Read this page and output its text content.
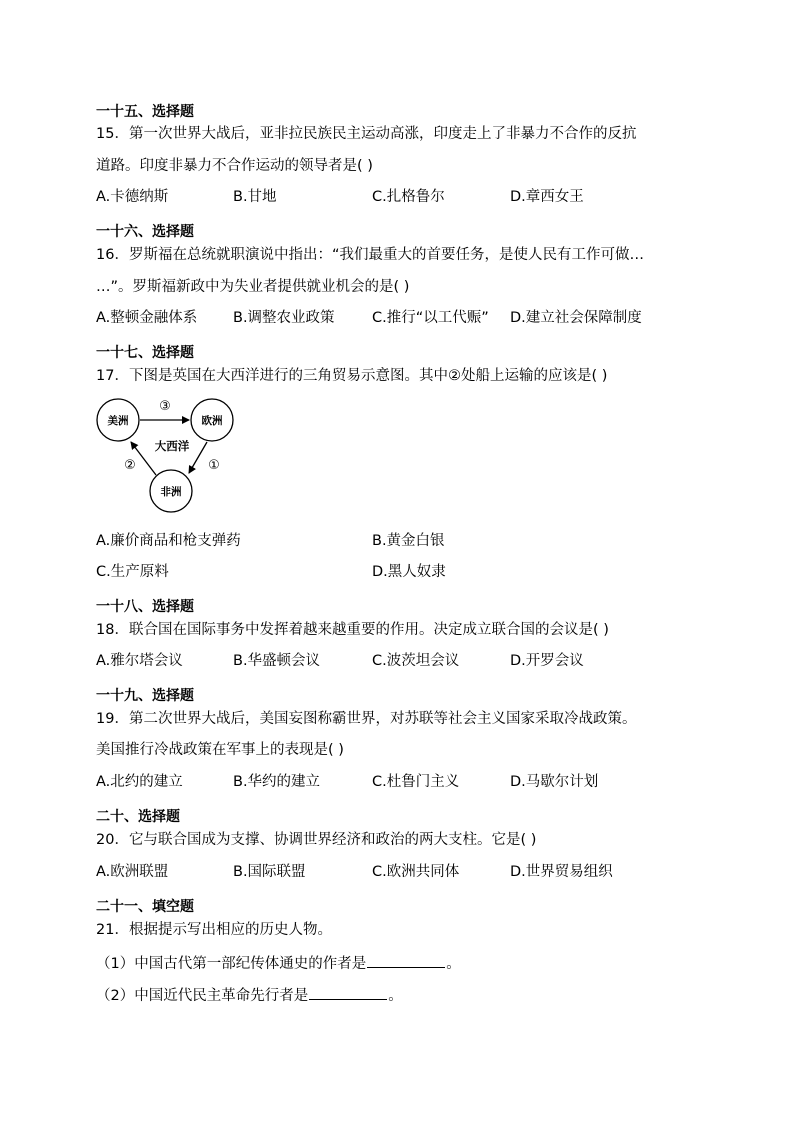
一十五、选择题
15．第一次世界大战后，亚非拉民族民主运动高涨，印度走上了非暴力不合作的反抗
道路。印度非暴力不合作运动的领导者是( )
A.卡德纳斯	B.甘地	C.扎格鲁尔	D.章西女王
一十六、选择题
16．罗斯福在总统就职演说中指出：“我们最重大的首要任务，是使人民有工作可做…
…”。罗斯福新政中为失业者提供就业机会的是( )
A.整顿金融体系 B.调整农业政策	C.推行“以工代赈” D.建立社会保障制度
一十七、选择题
17．下图是英国在大西洋进行的三角贸易示意图。其中②处船上运输的应该是( )
美洲	欧洲
非洲
③
①
②
大西洋
A.廉价商品和枪支弹药	B.黄金白银
C.生产原料	D.黑人奴隶
一十八、选择题
18．联合国在国际事务中发挥着越来越重要的作用。决定成立联合国的会议是( )
A.雅尔塔会议	B.华盛顿会议	C.波茨坦会议	D.开罗会议
一十九、选择题
19．第二次世界大战后，美国妄图称霸世界，对苏联等社会主义国家采取冷战政策。
美国推行冷战政策在军事上的表现是( )
A.北约的建立	B.华约的建立	C.杜鲁门主义	D.马歇尔计划
二十、选择题
20．它与联合国成为支撑、协调世界经济和政治的两大支柱。它是( )
A.欧洲联盟	B.国际联盟	C.欧洲共同体	D.世界贸易组织
二十一、填空题
21．根据提示写出相应的历史人物。
（1）中国古代第一部纪传体通史的作者是	。
（2）中国近代民主革命先行者是	。
